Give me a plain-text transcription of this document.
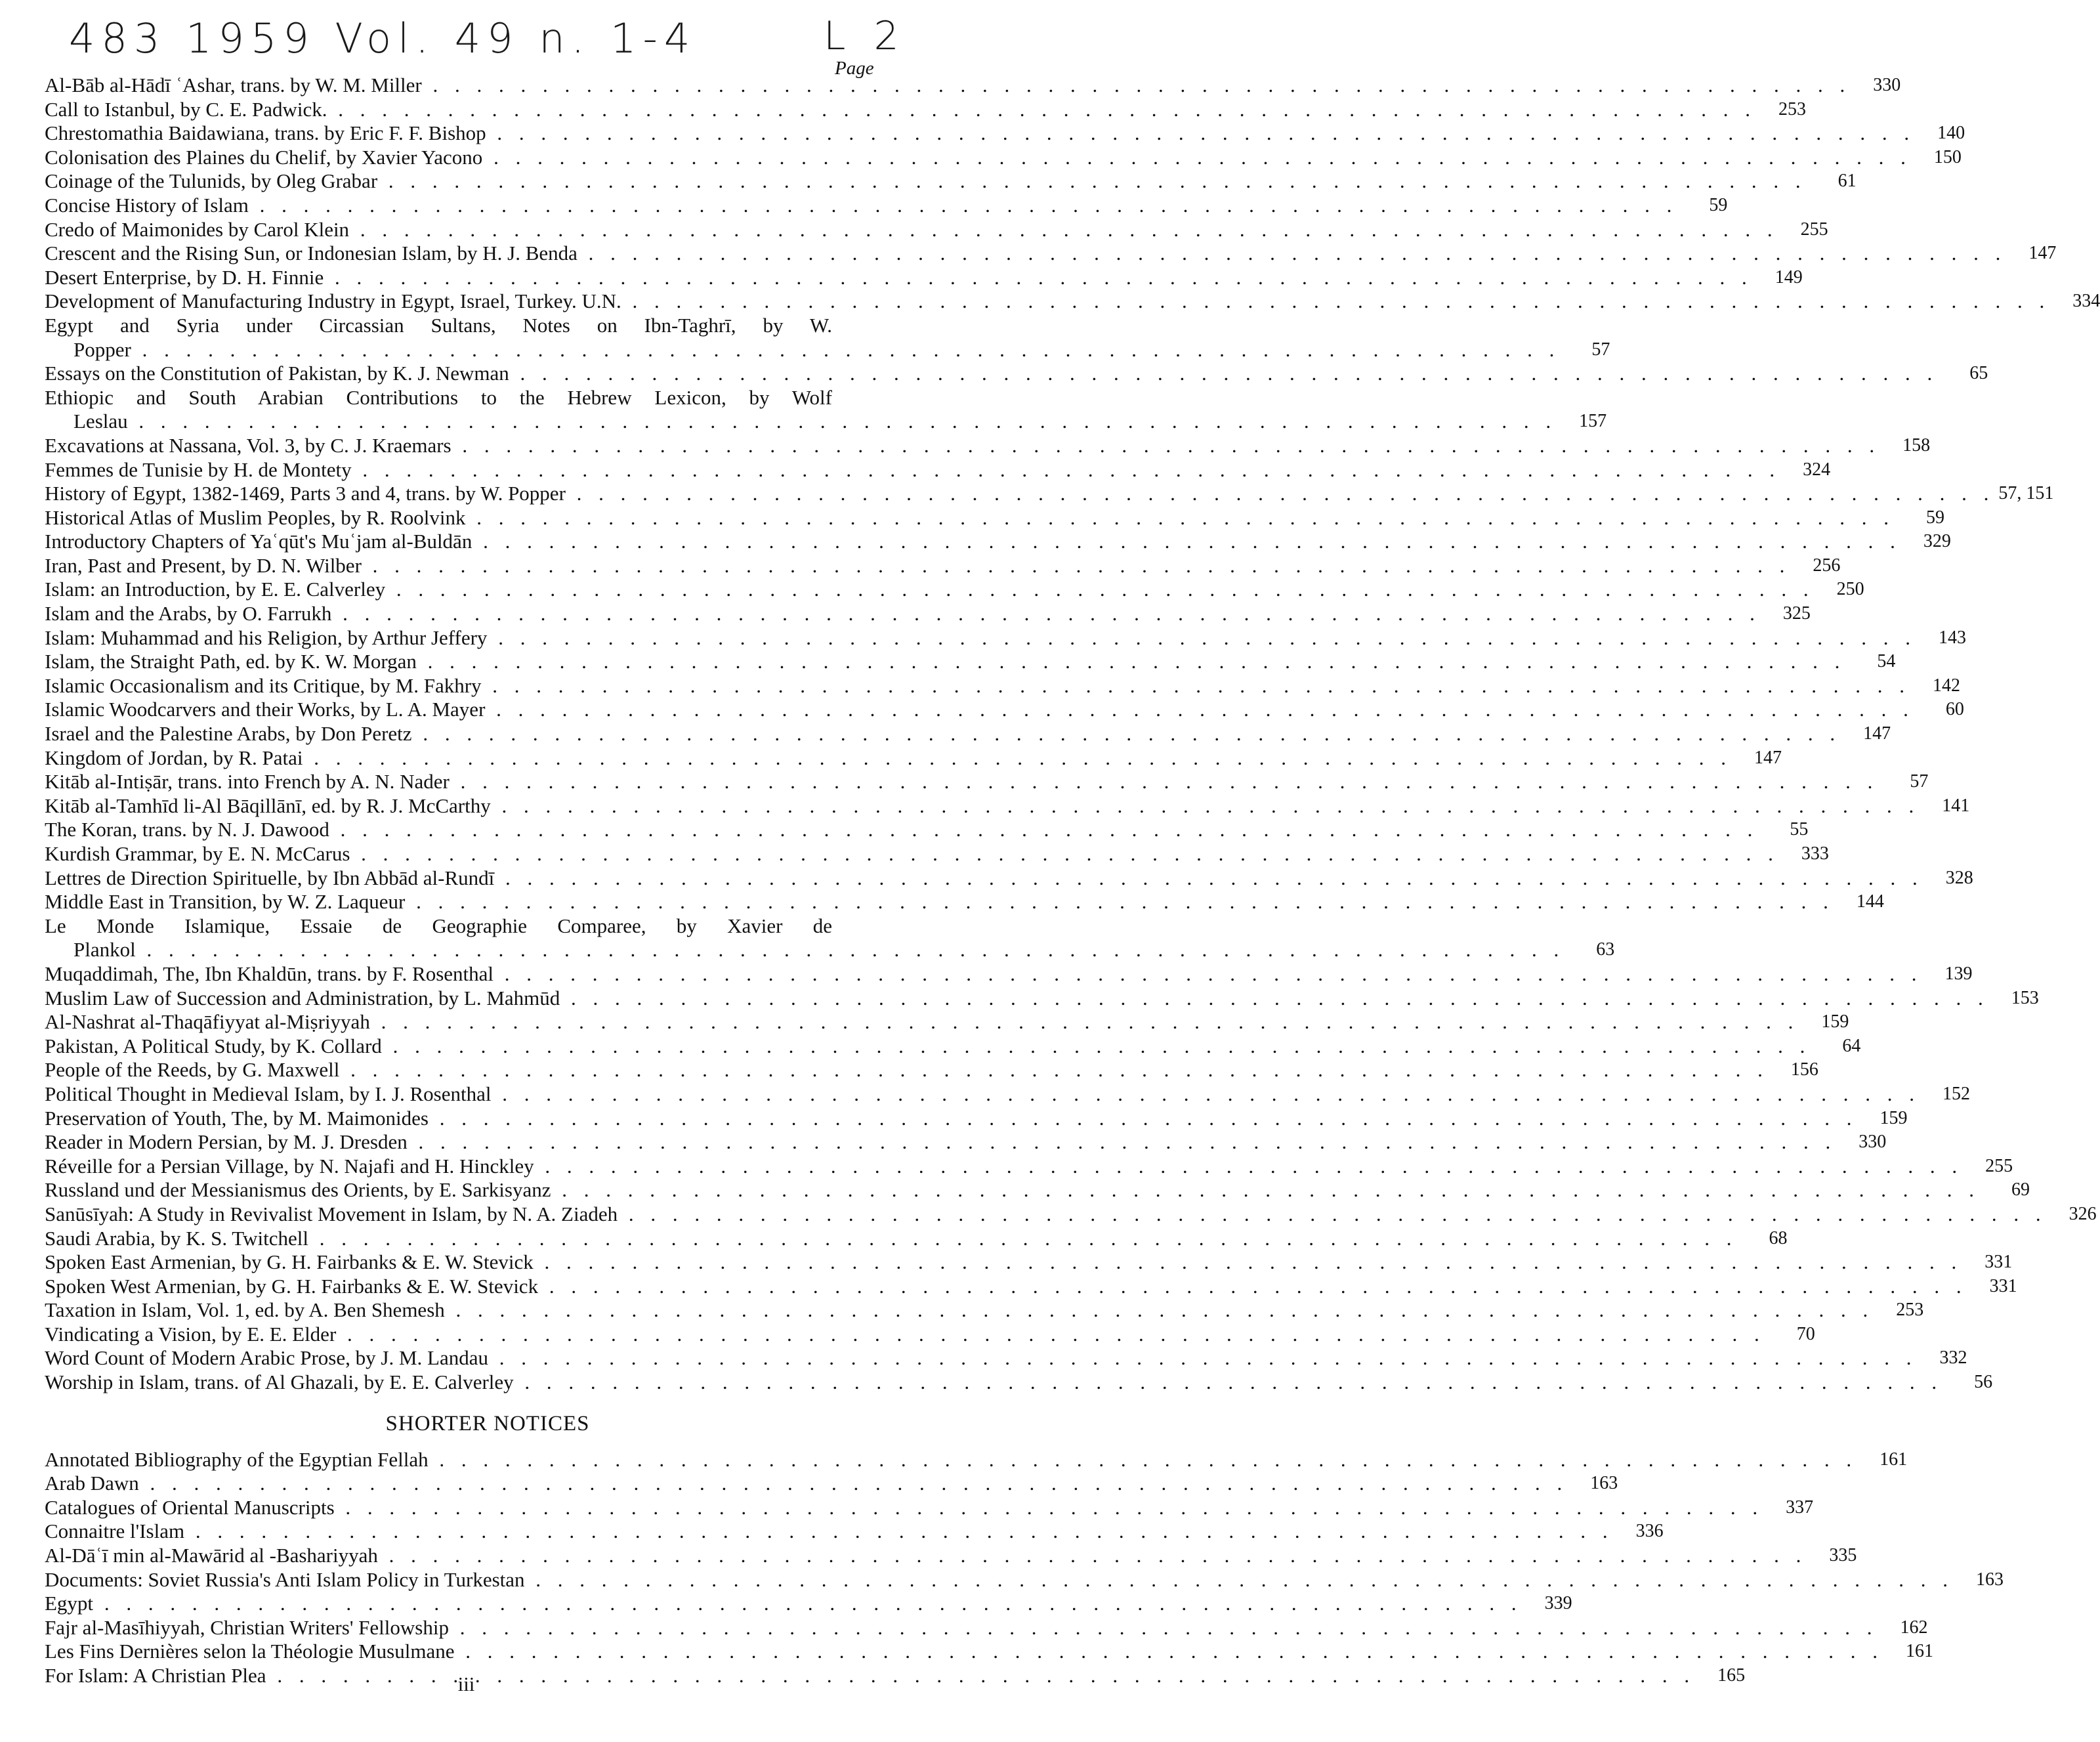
483 1959 Vol. 49 n. 1-4	L 2
Page
Al-Bāb al-Hādī ʿAshar, trans. by W. M. Miller . . .	330
Call to Istanbul, by C. E. Padwick. . . .	253
Chrestomathia Baidawiana, trans. by Eric F. F. Bishop . . .	140
Colonisation des Plaines du Chelif, by Xavier Yacono . . .	150
Coinage of the Tulunids, by Oleg Grabar . . .	61
Concise History of Islam . . .	59
Credo of Maimonides by Carol Klein . . .	255
Crescent and the Rising Sun, or Indonesian Islam, by H. J. Benda . . .	147
Desert Enterprise, by D. H. Finnie . . .	149
Development of Manufacturing Industry in Egypt, Israel, Turkey. U.N. . . .	334
Egypt and Syria under Circassian Sultans, Notes on Ibn-Taghrī, by W.
Popper . . .	57
Essays on the Constitution of Pakistan, by K. J. Newman . . .	65
Ethiopic and South Arabian Contributions to the Hebrew Lexicon, by Wolf
Leslau . . .	157
Excavations at Nassana, Vol. 3, by C. J. Kraemars . . .	158
Femmes de Tunisie by H. de Montety . . .	324
History of Egypt, 1382-1469, Parts 3 and 4, trans. by W. Popper . . .	57, 151
Historical Atlas of Muslim Peoples, by R. Roolvink . . .	59
Introductory Chapters of Yaʿqūt's Muʿjam al-Buldān . . .	329
Iran, Past and Present, by D. N. Wilber . . .	256
Islam: an Introduction, by E. E. Calverley . . .	250
Islam and the Arabs, by O. Farrukh . . .	325
Islam: Muhammad and his Religion, by Arthur Jeffery . . .	143
Islam, the Straight Path, ed. by K. W. Morgan . . .	54
Islamic Occasionalism and its Critique, by M. Fakhry . . .	142
Islamic Woodcarvers and their Works, by L. A. Mayer . . .	60
Israel and the Palestine Arabs, by Don Peretz . . .	147
Kingdom of Jordan, by R. Patai . . .	147
Kitāb al-Intiṣār, trans. into French by A. N. Nader . . .	57
Kitāb al-Tamhīd li-Al Bāqillānī, ed. by R. J. McCarthy . . .	141
The Koran, trans. by N. J. Dawood . . .	55
Kurdish Grammar, by E. N. McCarus . . .	333
Lettres de Direction Spirituelle, by Ibn Abbād al-Rundī . . .	328
Middle East in Transition, by W. Z. Laqueur . . .	144
Le Monde Islamique, Essaie de Geographie Comparee, by Xavier de
Plankol . . .	63
Muqaddimah, The, Ibn Khaldūn, trans. by F. Rosenthal . . .	139
Muslim Law of Succession and Administration, by L. Mahmūd . . .	153
Al-Nashrat al-Thaqāfiyyat al-Miṣriyyah . . .	159
Pakistan, A Political Study, by K. Collard . . .	64
People of the Reeds, by G. Maxwell . . .	156
Political Thought in Medieval Islam, by I. J. Rosenthal . . .	152
Preservation of Youth, The, by M. Maimonides . . .	159
Reader in Modern Persian, by M. J. Dresden . . .	330
Réveille for a Persian Village, by N. Najafi and H. Hinckley . . .	255
Russland und der Messianismus des Orients, by E. Sarkisyanz . . .	69
Sanūsīyah: A Study in Revivalist Movement in Islam, by N. A. Ziadeh . . .	326
Saudi Arabia, by K. S. Twitchell . . .	68
Spoken East Armenian, by G. H. Fairbanks & E. W. Stevick . . .	331
Spoken West Armenian, by G. H. Fairbanks & E. W. Stevick . . .	331
Taxation in Islam, Vol. 1, ed. by A. Ben Shemesh . . .	253
Vindicating a Vision, by E. E. Elder . . .	70
Word Count of Modern Arabic Prose, by J. M. Landau . . .	332
Worship in Islam, trans. of Al Ghazali, by E. E. Calverley . . .	56
SHORTER NOTICES
Annotated Bibliography of the Egyptian Fellah . . .	161
Arab Dawn . . .	163
Catalogues of Oriental Manuscripts . . .	337
Connaitre l'Islam . . .	336
Al-Dāʿī min al-Mawārid al -Bashariyyah . . .	335
Documents: Soviet Russia's Anti Islam Policy in Turkestan . . .	163
Egypt . . .	339
Fajr al-Masīhiyyah, Christian Writers' Fellowship . . .	162
Les Fins Dernières selon la Théologie Musulmane . . .	161
For Islam: A Christian Plea . . .	165
iii
